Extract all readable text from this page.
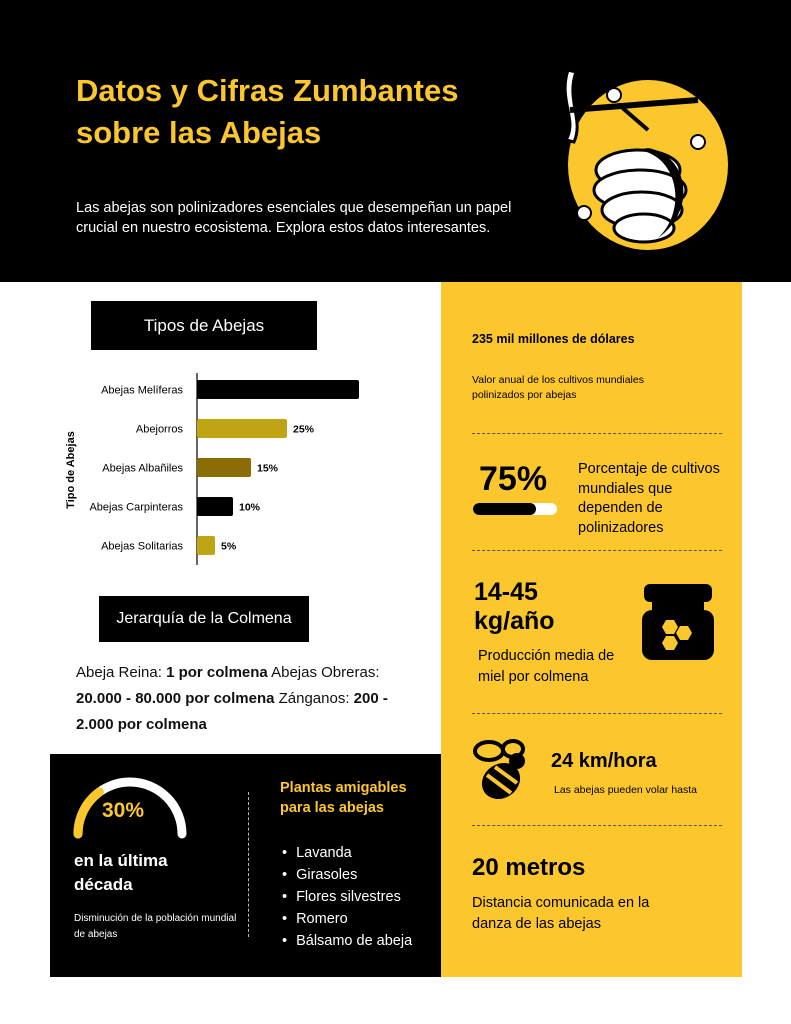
Datos y Cifras Zumbantes
sobre las Abejas
Las abejas son polinizadores esenciales que desempeñan un papel crucial en nuestro ecosistema. Explora estos datos interesantes.
Tipos de Abejas
Tipo de Abejas
Abejas Melíferas
Abejorros	25%
Abejas Albañiles	15%
Abejas Carpinteras	10%
Abejas Solitarias	5%
Jerarquía de la Colmena
Abeja Reina: 1 por colmena Abejas Obreras: 20.000 - 80.000 por colmena Zánganos: 200 - 2.000 por colmena
30%
en la última década
Disminución de la población mundial de abejas
Plantas amigables para las abejas
• Lavanda
• Girasoles
• Flores silvestres
• Romero
• Bálsamo de abeja
235 mil millones de dólares
Valor anual de los cultivos mundiales polinizados por abejas
75% Porcentaje de cultivos mundiales que dependen de polinizadores
14-45
kg/año
Producción media de miel por colmena
24 km/hora
Las abejas pueden volar hasta
20 metros
Distancia comunicada en la danza de las abejas
